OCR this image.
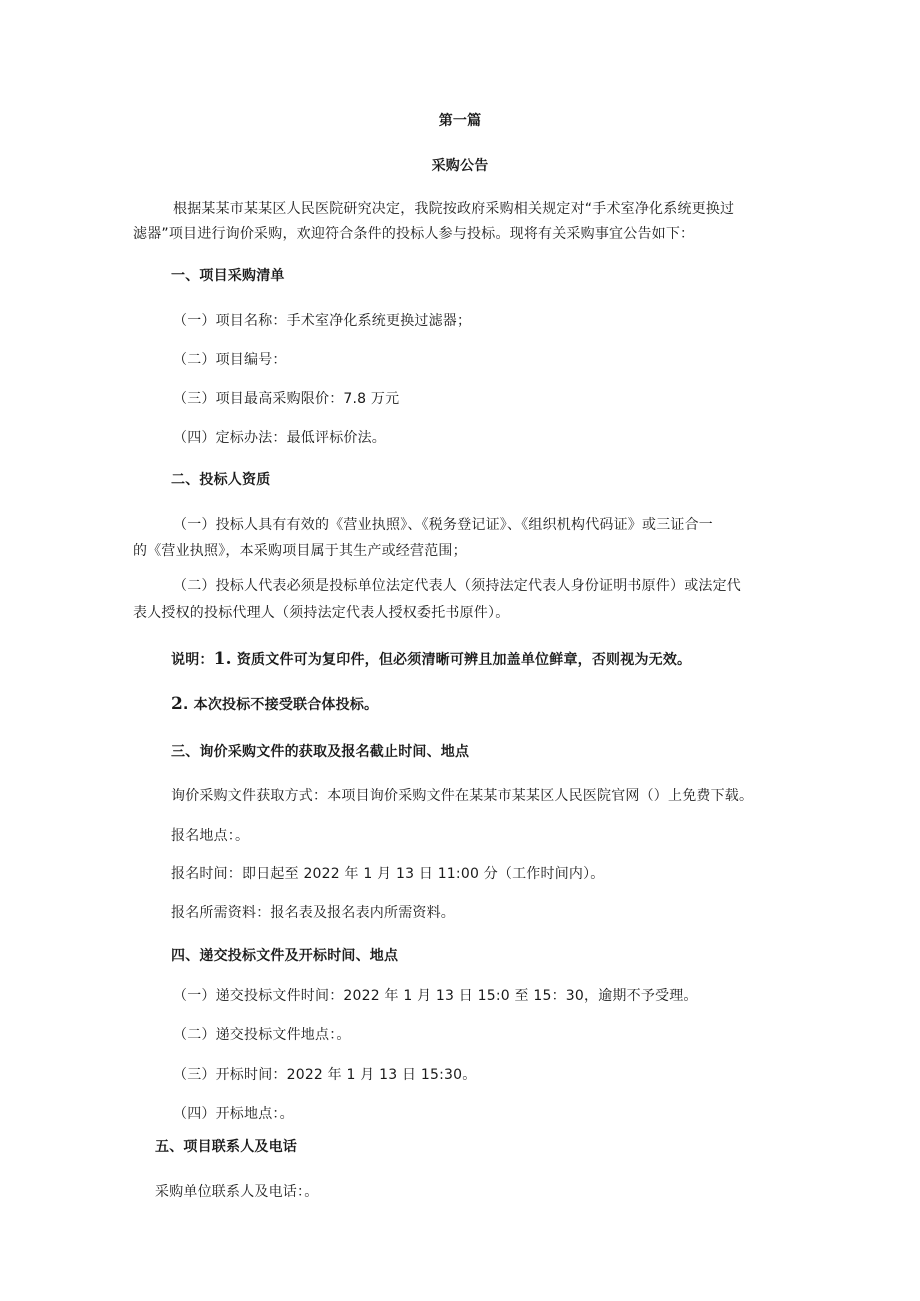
第一篇
采购公告
根据某某市某某区人民医院研究决定，我院按政府采购相关规定对“手术室净化系统更换过
滤器”项目进行询价采购，欢迎符合条件的投标人参与投标。现将有关采购事宜公告如下：
一、项目采购清单
（一）项目名称：手术室净化系统更换过滤器；
（二）项目编号：
（三）项目最高采购限价：7.8 万元
（四）定标办法：最低评标价法。
二、投标人资质
（一）投标人具有有效的《营业执照》、《税务登记证》、《组织机构代码证》或三证合一
的《营业执照》，本采购项目属于其生产或经营范围；
（二）投标人代表必须是投标单位法定代表人（须持法定代表人身份证明书原件）或法定代
表人授权的投标代理人（须持法定代表人授权委托书原件）。
说明：1. 资质文件可为复印件，但必须清晰可辨且加盖单位鲜章，否则视为无效。
2. 本次投标不接受联合体投标。
三、询价采购文件的获取及报名截止时间、地点
询价采购文件获取方式：本项目询价采购文件在某某市某某区人民医院官网（）上免费下载。
报名地点：。
报名时间：即日起至 2022 年 1 月 13 日 11:00 分（工作时间内）。
报名所需资料：报名表及报名表内所需资料。
四、递交投标文件及开标时间、地点
（一）递交投标文件时间：2022 年 1 月 13 日 15:0 至 15：30，逾期不予受理。
（二）递交投标文件地点：。
（三）开标时间：2022 年 1 月 13 日 15:30。
（四）开标地点：。
五、项目联系人及电话
采购单位联系人及电话：。
